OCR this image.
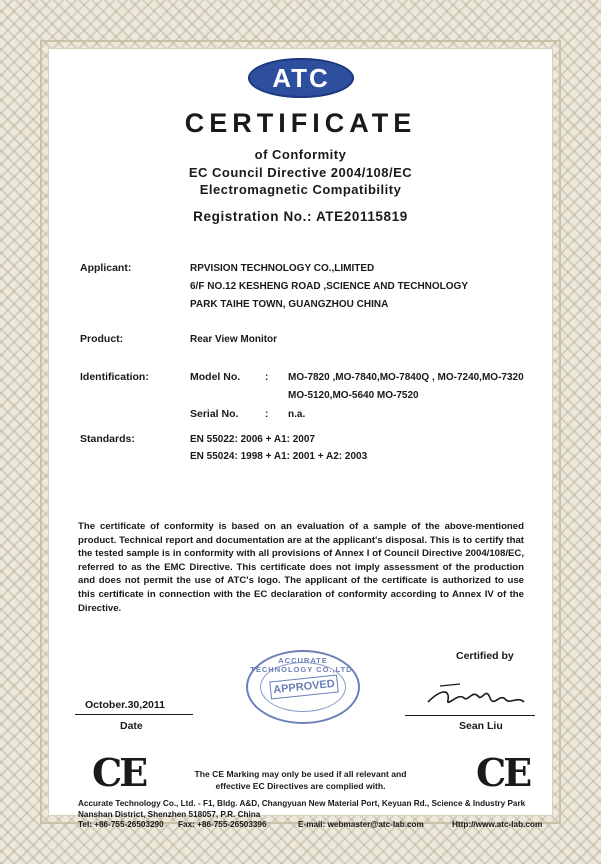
ATC
CERTIFICATE
of Conformity
EC Council Directive 2004/108/EC
Electromagnetic Compatibility
Registration No.: ATE20115819
Applicant:	RPVISION TECHNOLOGY CO.,LIMITED
6/F NO.12 KESHENG ROAD ,SCIENCE AND TECHNOLOGY
PARK TAIHE TOWN, GUANGZHOU CHINA
Product:	Rear View Monitor
Identification:	Model No. : MO-7820 ,MO-7840,MO-7840Q , MO-7240,MO-7320
MO-5120,MO-5640 MO-7520
Serial No.	: n.a.
Standards:	EN 55022: 2006 + A1: 2007
EN 55024: 1998 + A1: 2001 + A2: 2003
The certificate of conformity is based on an evaluation of a sample of the above-mentioned product. Technical report and documentation are at the applicant's disposal. This is to certify that the tested sample is in conformity with all provisions of Annex I of Council Directive 2004/108/EC, referred to as the EMC Directive. This certificate does not imply assessment of the production and does not permit the use of ATC's logo. The applicant of the certificate is authorized to use this certificate in connection with the EC declaration of conformity according to Annex IV of the Directive.
Certified by
October.30,2011
Date
ACCURATE TECHNOLOGY CO.,LTD.
APPROVED
Sean Liu
CE	CE
The CE Marking may only be used if all relevant and
effective EC Directives are complied with.
Accurate Technology Co., Ltd. - F1, Bldg. A&D, Changyuan New Material Port, Keyuan Rd., Science & Industry Park
Nanshan District, Shenzhen 518057, P.R. China
Tel: +86-755-26503290 Fax: +86-755-26503396	E-mail: webmaster@atc-lab.com	Http://www.atc-lab.com
